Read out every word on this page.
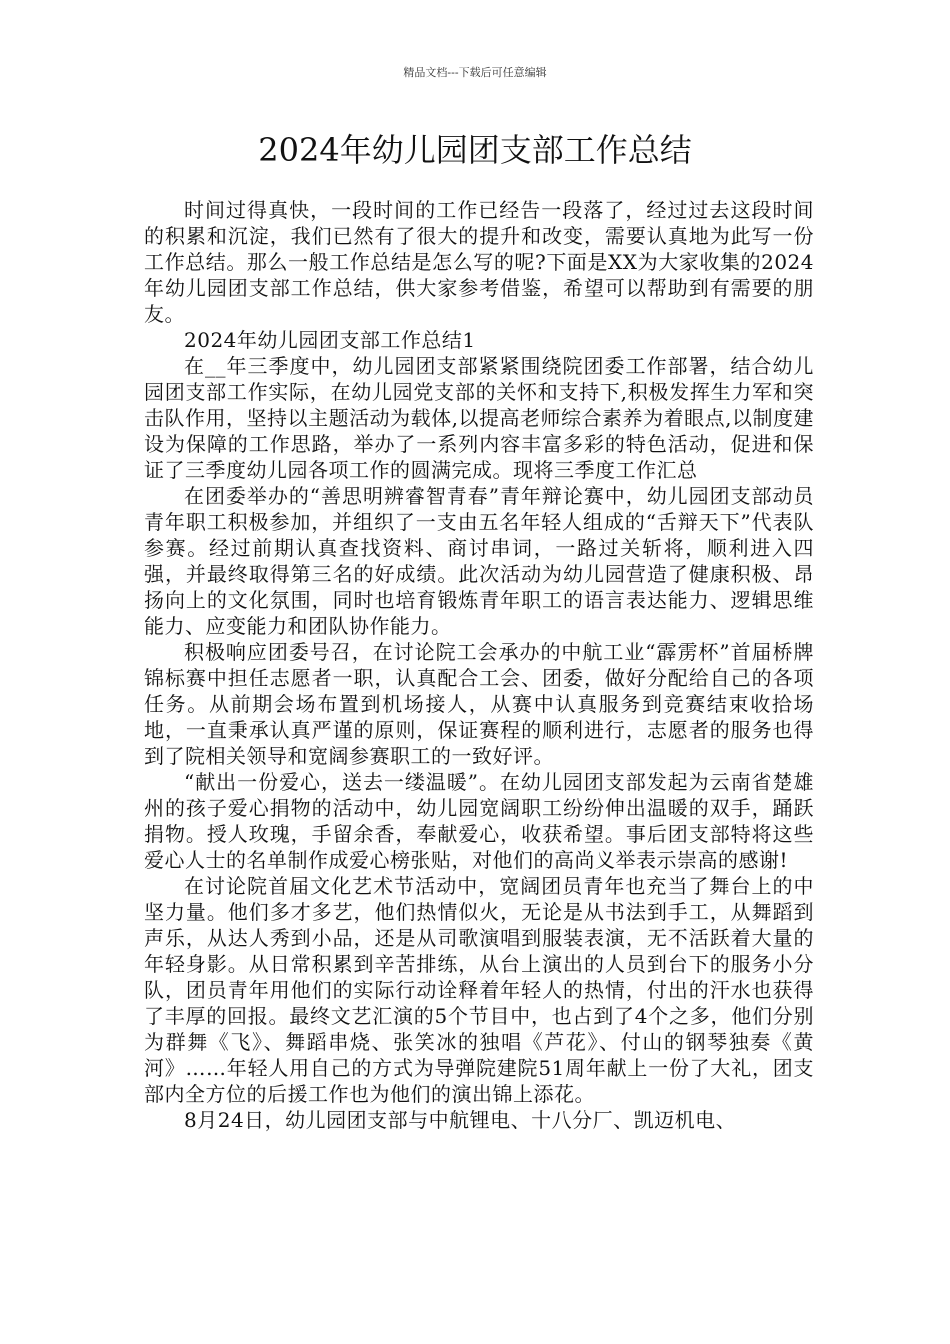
精品文档---下载后可任意编辑
2024年幼儿园团支部工作总结

时间过得真快，一段时间的工作已经告一段落了，经过过去这段时间的积累和沉淀，我们已然有了很大的提升和改变，需要认真地为此写一份工作总结。那么一般工作总结是怎么写的呢?下面是XX为大家收集的2024年幼儿园团支部工作总结，供大家参考借鉴，希望可以帮助到有需要的朋友。

2024年幼儿园团支部工作总结1

在__年三季度中，幼儿园团支部紧紧围绕院团委工作部署，结合幼儿园团支部工作实际，在幼儿园党支部的关怀和支持下,积极发挥生力军和突击队作用，坚持以主题活动为载体,以提高老师综合素养为着眼点,以制度建设为保障的工作思路，举办了一系列内容丰富多彩的特色活动，促进和保证了三季度幼儿园各项工作的圆满完成。现将三季度工作汇总

在团委举办的“善思明辨睿智青春”青年辩论赛中，幼儿园团支部动员青年职工积极参加，并组织了一支由五名年轻人组成的“舌辩天下”代表队参赛。经过前期认真查找资料、商讨串词，一路过关斩将，顺利进入四强，并最终取得第三名的好成绩。此次活动为幼儿园营造了健康积极、昂扬向上的文化氛围，同时也培育锻炼青年职工的语言表达能力、逻辑思维能力、应变能力和团队协作能力。

积极响应团委号召，在讨论院工会承办的中航工业“霹雳杯”首届桥牌锦标赛中担任志愿者一职，认真配合工会、团委，做好分配给自己的各项任务。从前期会场布置到机场接人，从赛中认真服务到竞赛结束收拾场地，一直秉承认真严谨的原则，保证赛程的顺利进行，志愿者的服务也得到了院相关领导和宽阔参赛职工的一致好评。

“献出一份爱心，送去一缕温暖”。在幼儿园团支部发起为云南省楚雄州的孩子爱心捐物的活动中，幼儿园宽阔职工纷纷伸出温暖的双手，踊跃捐物。授人玫瑰，手留余香，奉献爱心，收获希望。事后团支部特将这些爱心人士的名单制作成爱心榜张贴，对他们的高尚义举表示崇高的感谢!

在讨论院首届文化艺术节活动中，宽阔团员青年也充当了舞台上的中坚力量。他们多才多艺，他们热情似火，无论是从书法到手工，从舞蹈到声乐，从达人秀到小品，还是从司歌演唱到服装表演，无不活跃着大量的年轻身影。从日常积累到辛苦排练，从台上演出的人员到台下的服务小分队，团员青年用他们的实际行动诠释着年轻人的热情，付出的汗水也获得了丰厚的回报。最终文艺汇演的5个节目中，也占到了4个之多，他们分别为群舞《飞》、舞蹈串烧、张笑冰的独唱《芦花》、付山的钢琴独奏《黄河》……年轻人用自己的方式为导弹院建院51周年献上一份了大礼，团支部内全方位的后援工作也为他们的演出锦上添花。

8月24日，幼儿园团支部与中航锂电、十八分厂、凯迈机电、
